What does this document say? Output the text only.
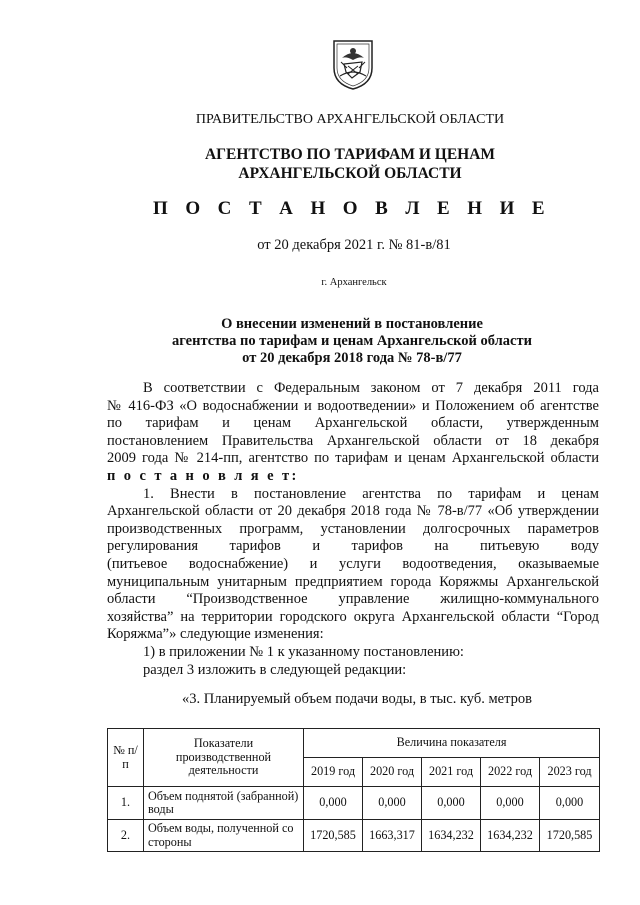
ПРАВИТЕЛЬСТВО АРХАНГЕЛЬСКОЙ ОБЛАСТИ

АГЕНТСТВО ПО ТАРИФАМ И ЦЕНАМ
АРХАНГЕЛЬСКОЙ ОБЛАСТИ

П О С Т А Н О В Л Е Н И Е

от 20 декабря 2021 г. № 81-в/81

г. Архангельск

О внесении изменений в постановление
агентства по тарифам и ценам Архангельской области
от 20 декабря 2018 года № 78-в/77
В соответствии с Федеральным законом от 7 декабря 2011 года
№ 416-ФЗ «О водоснабжении и водоотведении» и Положением об агентстве
по тарифам и ценам Архангельской области, утвержденным
постановлением Правительства Архангельской области от 18 декабря
2009 года № 214-пп, агентство по тарифам и ценам Архангельской области
п о с т а н о в л я е т:
1. Внести в постановление агентства по тарифам и ценам
Архангельской области от 20 декабря 2018 года № 78-в/77 «Об утверждении
производственных программ, установлении долгосрочных параметров
регулирования тарифов и тарифов на питьевую воду
(питьевое водоснабжение) и услуги водоотведения, оказываемые
муниципальным унитарным предприятием города Коряжмы Архангельской
области “Производственное управление жилищно-коммунального
хозяйства” на территории городского округа Архангельской области “Город
Коряжма”» следующие изменения:
1) в приложении № 1 к указанному постановлению:
раздел 3 изложить в следующей редакции:
«3. Планируемый объем подачи воды, в тыс. куб. метров
№ п/п	Показатели производственной деятельности	Величина показателя				
		2019 год	2020 год	2021 год	2022 год	2023 год
1.	Объем поднятой (забранной) воды	0,000	0,000	0,000	0,000	0,000
2.	Объем воды, полученной со стороны	1720,585	1663,317	1634,232	1634,232	1720,585
